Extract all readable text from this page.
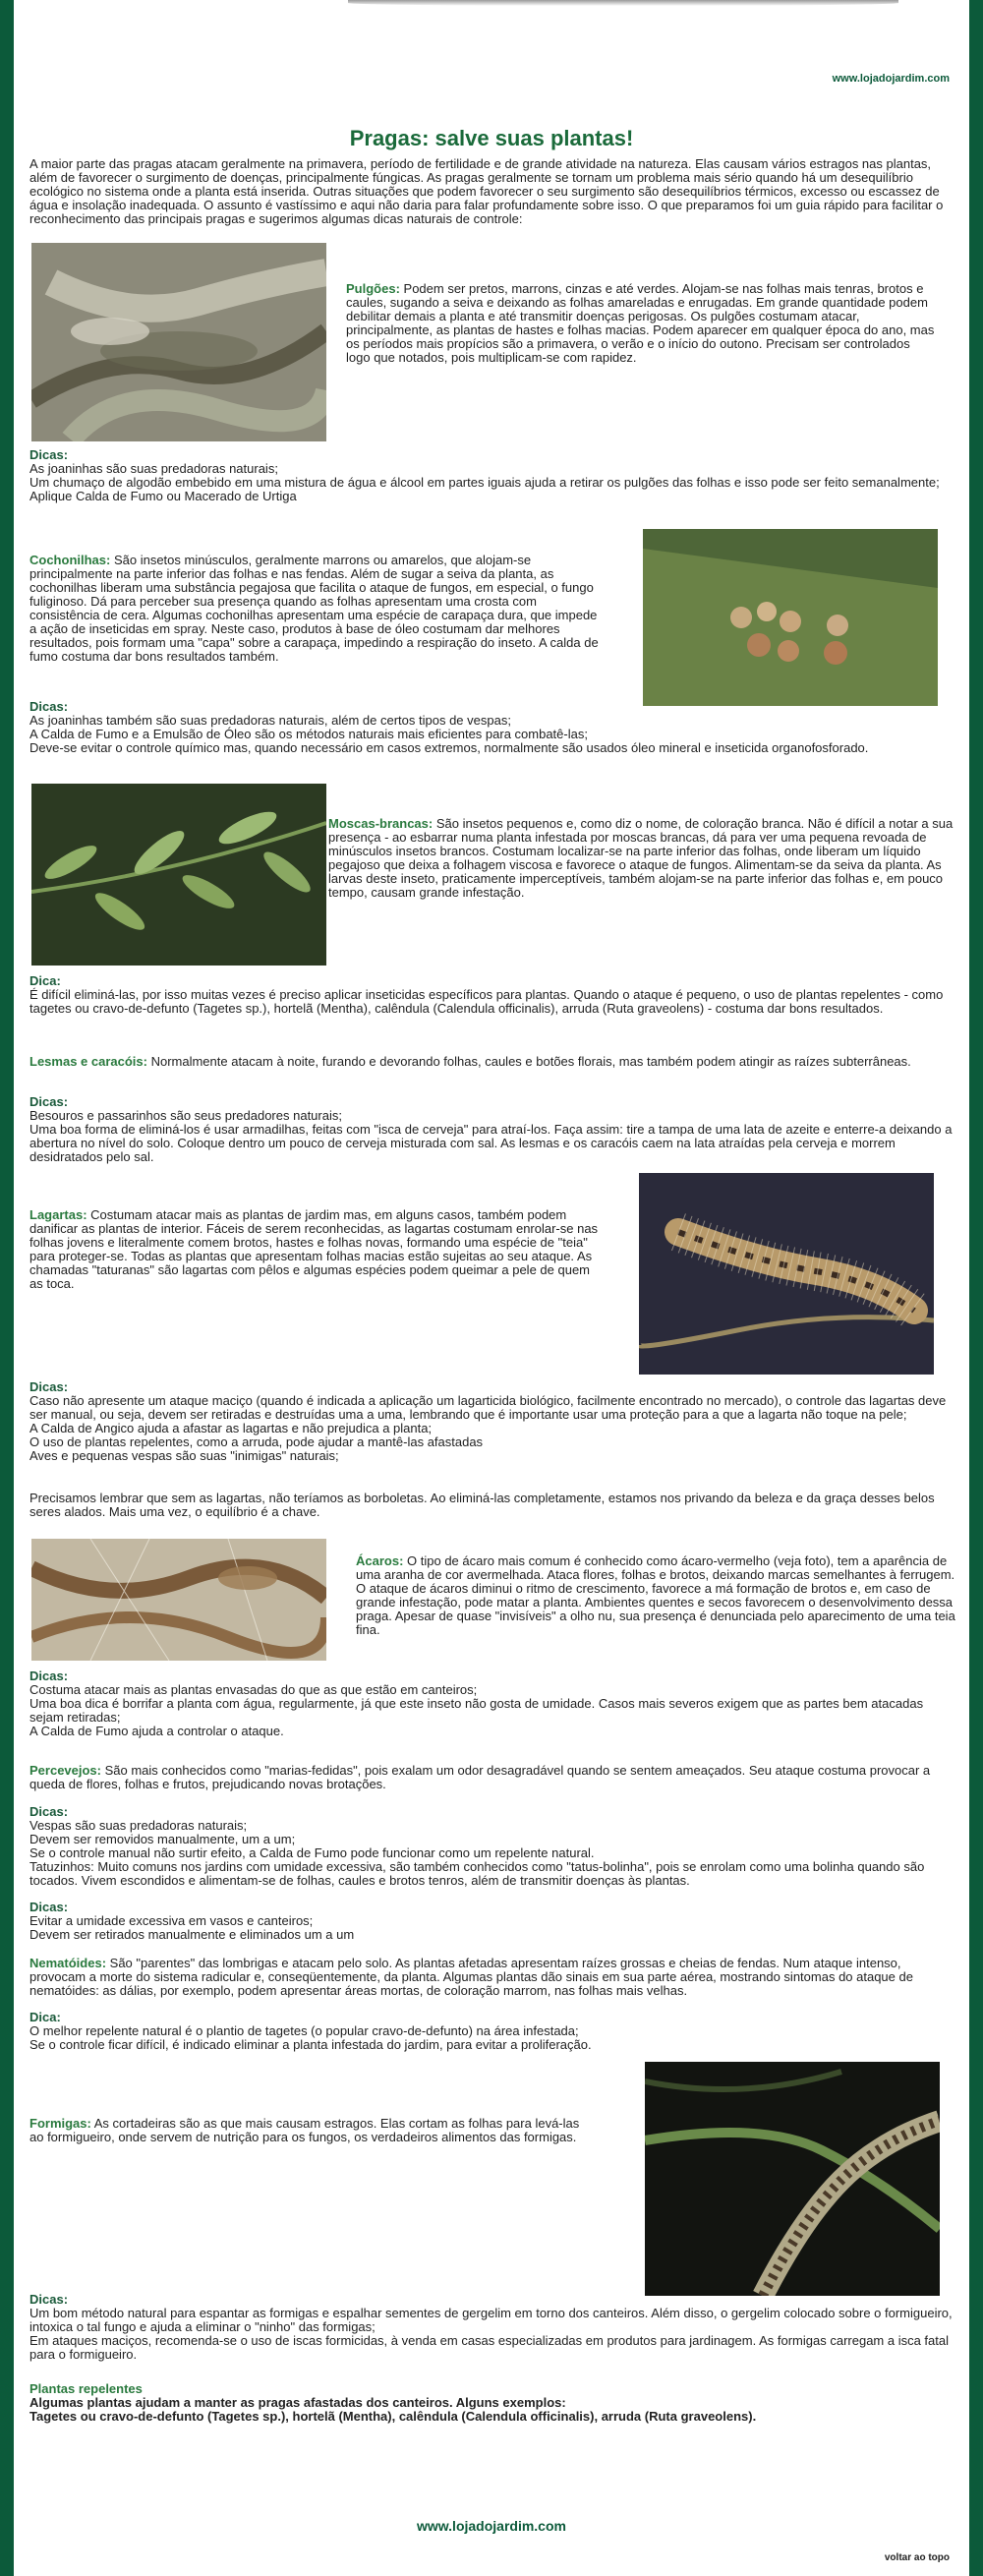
www.lojadojardim.com
Pragas: salve suas plantas!

A maior parte das pragas atacam geralmente na primavera, período de fertilidade e de grande atividade na natureza. Elas causam vários estragos nas plantas, além de favorecer o surgimento de doenças, principalmente fúngicas. As pragas geralmente se tornam um problema mais sério quando há um desequilíbrio ecológico no sistema onde a planta está inserida. Outras situações que podem favorecer o seu surgimento são desequilíbrios térmicos, excesso ou escassez de água e insolação inadequada. O assunto é vastíssimo e aqui não daria para falar profundamente sobre isso. O que preparamos foi um guia rápido para facilitar o reconhecimento das principais pragas e sugerimos algumas dicas naturais de controle:

Pulgões: Podem ser pretos, marrons, cinzas e até verdes. Alojam-se nas folhas mais tenras, brotos e caules, sugando a seiva e deixando as folhas amareladas e enrugadas. Em grande quantidade podem debilitar demais a planta e até transmitir doenças perigosas. Os pulgões costumam atacar, principalmente, as plantas de hastes e folhas macias. Podem aparecer em qualquer época do ano, mas os períodos mais propícios são a primavera, o verão e o início do outono. Precisam ser controlados logo que notados, pois multiplicam-se com rapidez.

Dicas:
As joaninhas são suas predadoras naturais;
Um chumaço de algodão embebido em uma mistura de água e álcool em partes iguais ajuda a retirar os pulgões das folhas e isso pode ser feito semanalmente;
Aplique Calda de Fumo ou Macerado de Urtiga

Cochonilhas: São insetos minúsculos, geralmente marrons ou amarelos, que alojam-se principalmente na parte inferior das folhas e nas fendas. Além de sugar a seiva da planta, as cochonilhas liberam uma substância pegajosa que facilita o ataque de fungos, em especial, o fungo fuliginoso. Dá para perceber sua presença quando as folhas apresentam uma crosta com consistência de cera. Algumas cochonilhas apresentam uma espécie de carapaça dura, que impede a ação de inseticidas em spray. Neste caso, produtos à base de óleo costumam dar melhores resultados, pois formam uma "capa" sobre a carapaça, impedindo a respiração do inseto. A calda de fumo costuma dar bons resultados também.

Dicas:
As joaninhas também são suas predadoras naturais, além de certos tipos de vespas;
A Calda de Fumo e a Emulsão de Óleo são os métodos naturais mais eficientes para combatê-las;
Deve-se evitar o controle químico mas, quando necessário em casos extremos, normalmente são usados óleo mineral e inseticida organofosforado.

Moscas-brancas: São insetos pequenos e, como diz o nome, de coloração branca. Não é difícil a notar a sua presença - ao esbarrar numa planta infestada por moscas brancas, dá para ver uma pequena revoada de minúsculos insetos brancos. Costumam localizar-se na parte inferior das folhas, onde liberam um líquido pegajoso que deixa a folhagem viscosa e favorece o ataque de fungos. Alimentam-se da seiva da planta. As larvas deste inseto, praticamente imperceptíveis, também alojam-se na parte inferior das folhas e, em pouco tempo, causam grande infestação.

Dica:
É difícil eliminá-las, por isso muitas vezes é preciso aplicar inseticidas específicos para plantas. Quando o ataque é pequeno, o uso de plantas repelentes - como tagetes ou cravo-de-defunto (Tagetes sp.), hortelã (Mentha), calêndula (Calendula officinalis), arruda (Ruta graveolens) - costuma dar bons resultados.

Lesmas e caracóis: Normalmente atacam à noite, furando e devorando folhas, caules e botões florais, mas também podem atingir as raízes subterrâneas.

Dicas:
Besouros e passarinhos são seus predadores naturais;
Uma boa forma de eliminá-los é usar armadilhas, feitas com "isca de cerveja" para atraí-los. Faça assim: tire a tampa de uma lata de azeite e enterre-a deixando a abertura no nível do solo. Coloque dentro um pouco de cerveja misturada com sal. As lesmas e os caracóis caem na lata atraídas pela cerveja e morrem desidratados pelo sal.

Lagartas: Costumam atacar mais as plantas de jardim mas, em alguns casos, também podem danificar as plantas de interior. Fáceis de serem reconhecidas, as lagartas costumam enrolar-se nas folhas jovens e literalmente comem brotos, hastes e folhas novas, formando uma espécie de "teia" para proteger-se. Todas as plantas que apresentam folhas macias estão sujeitas ao seu ataque. As chamadas "taturanas" são lagartas com pêlos e algumas espécies podem queimar a pele de quem as toca.

Dicas:
Caso não apresente um ataque maciço (quando é indicada a aplicação um lagarticida biológico, facilmente encontrado no mercado), o controle das lagartas deve ser manual, ou seja, devem ser retiradas e destruídas uma a uma, lembrando que é importante usar uma proteção para a que a lagarta não toque na pele;
A Calda de Angico ajuda a afastar as lagartas e não prejudica a planta;
O uso de plantas repelentes, como a arruda, pode ajudar a mantê-las afastadas
Aves e pequenas vespas são suas "inimigas" naturais;

Precisamos lembrar que sem as lagartas, não teríamos as borboletas. Ao eliminá-las completamente, estamos nos privando da beleza e da graça desses belos seres alados. Mais uma vez, o equilíbrio é a chave.

Ácaros: O tipo de ácaro mais comum é conhecido como ácaro-vermelho (veja foto), tem a aparência de uma aranha de cor avermelhada. Ataca flores, folhas e brotos, deixando marcas semelhantes à ferrugem. O ataque de ácaros diminui o ritmo de crescimento, favorece a má formação de brotos e, em caso de grande infestação, pode matar a planta. Ambientes quentes e secos favorecem o desenvolvimento dessa praga. Apesar de quase "invisíveis" a olho nu, sua presença é denunciada pelo aparecimento de uma teia fina.

Dicas:
Costuma atacar mais as plantas envasadas do que as que estão em canteiros;
Uma boa dica é borrifar a planta com água, regularmente, já que este inseto não gosta de umidade. Casos mais severos exigem que as partes bem atacadas sejam retiradas;
A Calda de Fumo ajuda a controlar o ataque.

Percevejos: São mais conhecidos como "marias-fedidas", pois exalam um odor desagradável quando se sentem ameaçados. Seu ataque costuma provocar a queda de flores, folhas e frutos, prejudicando novas brotações.

Dicas:
Vespas são suas predadoras naturais;
Devem ser removidos manualmente, um a um;
Se o controle manual não surtir efeito, a Calda de Fumo pode funcionar como um repelente natural.
Tatuzinhos: Muito comuns nos jardins com umidade excessiva, são também conhecidos como "tatus-bolinha", pois se enrolam como uma bolinha quando são tocados. Vivem escondidos e alimentam-se de folhas, caules e brotos tenros, além de transmitir doenças às plantas.
Dicas:
Evitar a umidade excessiva em vasos e canteiros;
Devem ser retirados manualmente e eliminados um a um

Nematóides: São "parentes" das lombrigas e atacam pelo solo. As plantas afetadas apresentam raízes grossas e cheias de fendas. Num ataque intenso, provocam a morte do sistema radicular e, conseqüentemente, da planta. Algumas plantas dão sinais em sua parte aérea, mostrando sintomas do ataque de nematóides: as dálias, por exemplo, podem apresentar áreas mortas, de coloração marrom, nas folhas mais velhas.

Dica:
O melhor repelente natural é o plantio de tagetes (o popular cravo-de-defunto) na área infestada;
Se o controle ficar difícil, é indicado eliminar a planta infestada do jardim, para evitar a proliferação.

Formigas: As cortadeiras são as que mais causam estragos. Elas cortam as folhas para levá-las ao formigueiro, onde servem de nutrição para os fungos, os verdadeiros alimentos das formigas.

Dicas:
Um bom método natural para espantar as formigas e espalhar sementes de gergelim em torno dos canteiros. Além disso, o gergelim colocado sobre o formigueiro, intoxica o tal fungo e ajuda a eliminar o "ninho" das formigas;
Em ataques maciços, recomenda-se o uso de iscas formicidas, à venda em casas especializadas em produtos para jardinagem. As formigas carregam a isca fatal para o formigueiro.
Plantas repelentes
Algumas plantas ajudam a manter as pragas afastadas dos canteiros. Alguns exemplos:
Tagetes ou cravo-de-defunto (Tagetes sp.), hortelã (Mentha), calêndula (Calendula officinalis), arruda (Ruta graveolens).
www.lojadojardim.com
voltar ao topo
